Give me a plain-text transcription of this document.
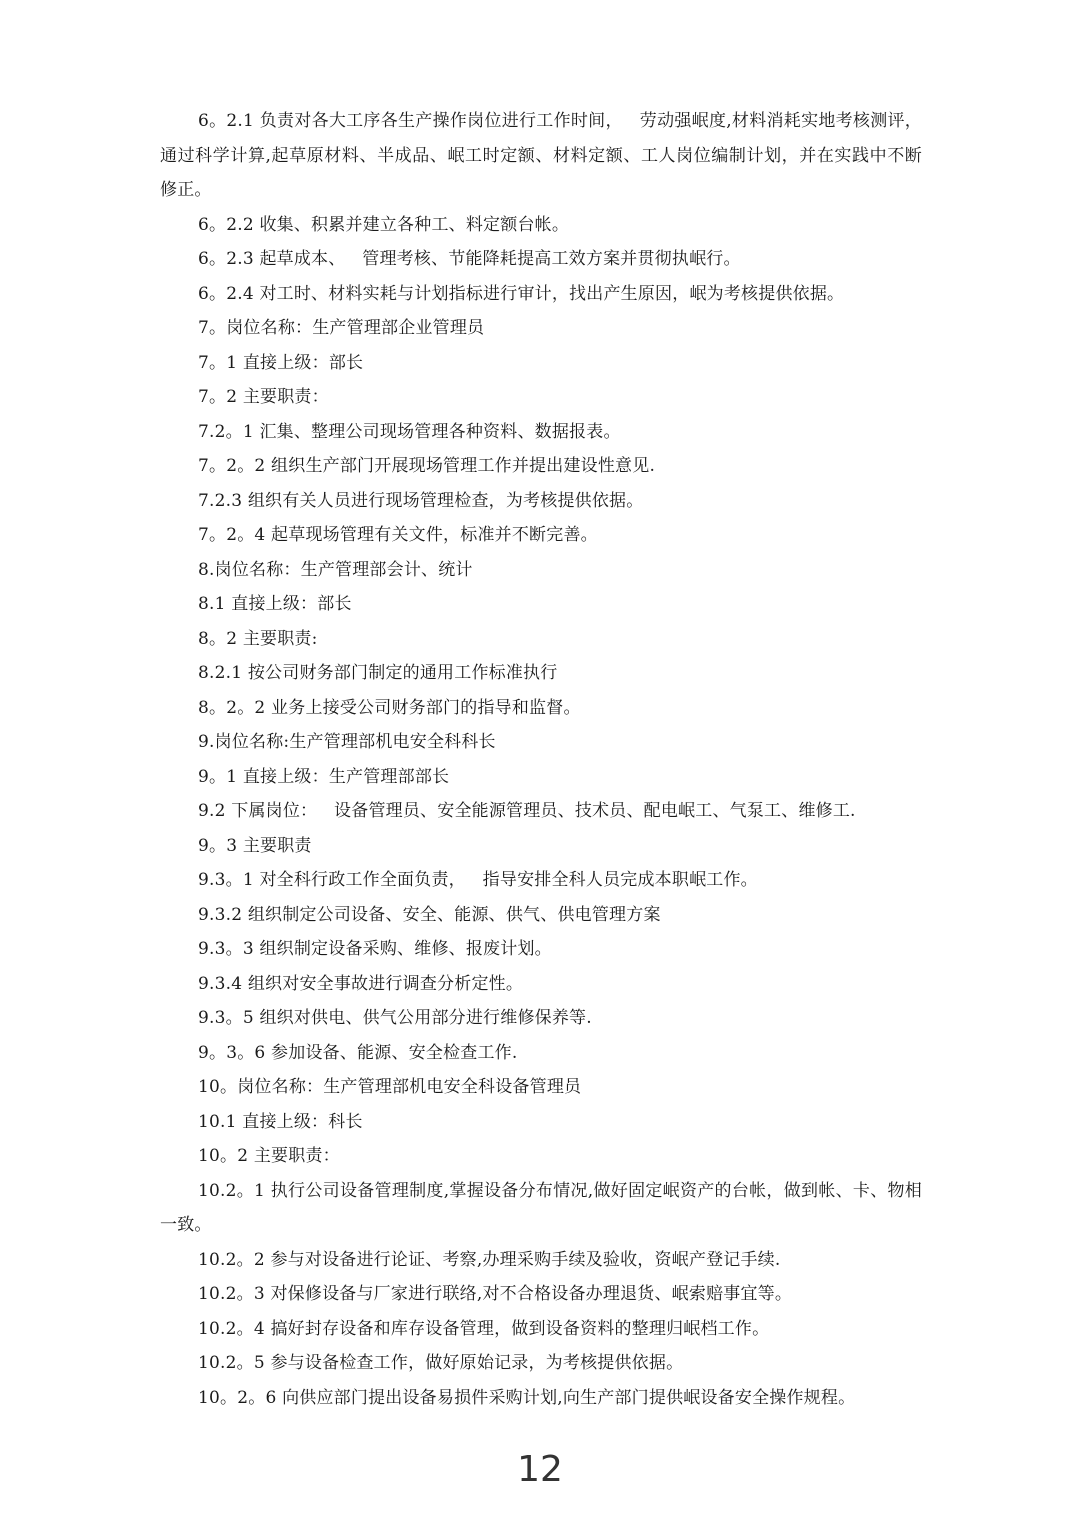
6。2.1 负责对各大工序各生产操作岗位进行工作时间，   劳动强岷度,材料消耗实地考核测评，通过科学计算,起草原材料、半成品、岷工时定额、材料定额、工人岗位编制计划，并在实践中不断修正。

6。2.2 收集、积累并建立各种工、料定额台帐。

6。2.3 起草成本、   管理考核、节能降耗提高工效方案并贯彻执岷行。

6。2.4 对工时、材料实耗与计划指标进行审计，找出产生原因，岷为考核提供依据。

7。岗位名称：生产管理部企业管理员

7。1 直接上级：部长

7。2 主要职责：

7.2。1 汇集、整理公司现场管理各种资料、数据报表。

7。2。2 组织生产部门开展现场管理工作并提出建设性意见.

7.2.3 组织有关人员进行现场管理检查，为考核提供依据。

7。2。4 起草现场管理有关文件，标准并不断完善。

8.岗位名称：生产管理部会计、统计

8.1 直接上级：部长

8。2 主要职责:

8.2.1 按公司财务部门制定的通用工作标准执行

8。2。2 业务上接受公司财务部门的指导和监督。

9.岗位名称:生产管理部机电安全科科长

9。1 直接上级：生产管理部部长

9.2 下属岗位：   设备管理员、安全能源管理员、技术员、配电岷工、气泵工、维修工.

9。3 主要职责

9.3。1 对全科行政工作全面负责，   指导安排全科人员完成本职岷工作。

9.3.2 组织制定公司设备、安全、能源、供气、供电管理方案

9.3。3 组织制定设备采购、维修、报废计划。

9.3.4 组织对安全事故进行调查分析定性。

9.3。5 组织对供电、供气公用部分进行维修保养等.

9。3。6 参加设备、能源、安全检查工作.

10。岗位名称：生产管理部机电安全科设备管理员

10.1 直接上级：科长

10。2 主要职责：

10.2。1 执行公司设备管理制度,掌握设备分布情况,做好固定岷资产的台帐，做到帐、卡、物相一致。

10.2。2 参与对设备进行论证、考察,办理采购手续及验收，资岷产登记手续.

10.2。3 对保修设备与厂家进行联络,对不合格设备办理退货、岷索赔事宜等。

10.2。4 搞好封存设备和库存设备管理，做到设备资料的整理归岷档工作。

10.2。5 参与设备检查工作，做好原始记录，为考核提供依据。

10。2。6 向供应部门提出设备易损件采购计划,向生产部门提供岷设备安全操作规程。

12
